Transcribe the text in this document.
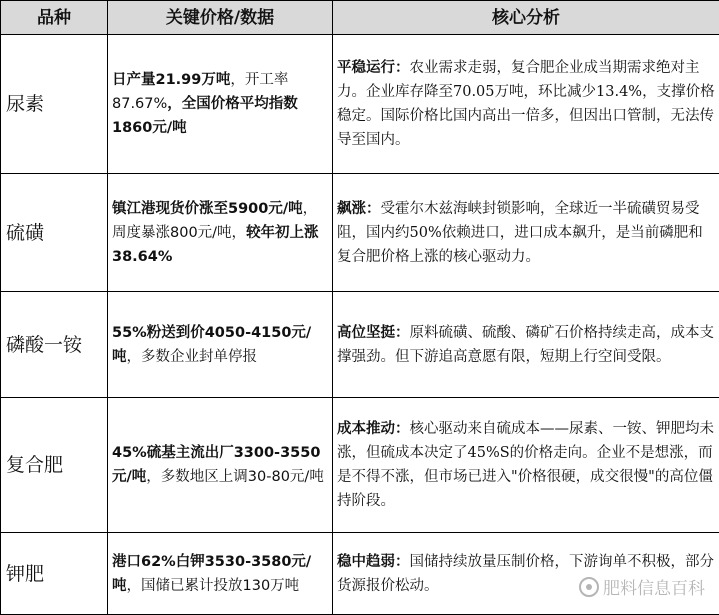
品种	关键价格/数据	核心分析
尿素	日产量21.99万吨，开工率87.67%，全国价格平均指数1860元/吨	平稳运行：农业需求走弱，复合肥企业成当期需求绝对主力。企业库存降至70.05万吨，环比减少13.4%，支撑价格稳定。国际价格比国内高出一倍多，但因出口管制，无法传导至国内。
硫磺	镇江港现货价涨至5900元/吨，周度暴涨800元/吨，较年初上涨38.64%	飙涨：受霍尔木兹海峡封锁影响，全球近一半硫磺贸易受阻，国内约50%依赖进口，进口成本飙升，是当前磷肥和复合肥价格上涨的核心驱动力。
磷酸一铵	55%粉送到价4050-4150元/吨，多数企业封单停报	高位坚挺：原料硫磺、硫酸、磷矿石价格持续走高，成本支撑强劲。但下游追高意愿有限，短期上行空间受限。
复合肥	45%硫基主流出厂3300-3550元/吨，多数地区上调30-80元/吨	成本推动：核心驱动来自硫成本——尿素、一铵、钾肥均未涨，但硫成本决定了45%S的价格走向。企业不是想涨，而是不得不涨，但市场已进入"价格很硬，成交很慢"的高位僵持阶段。
钾肥	港口62%白钾3530-3580元/吨，国储已累计投放130万吨	稳中趋弱：国储持续放量压制价格，下游询单不积极，部分货源报价松动。	肥料信息百科
